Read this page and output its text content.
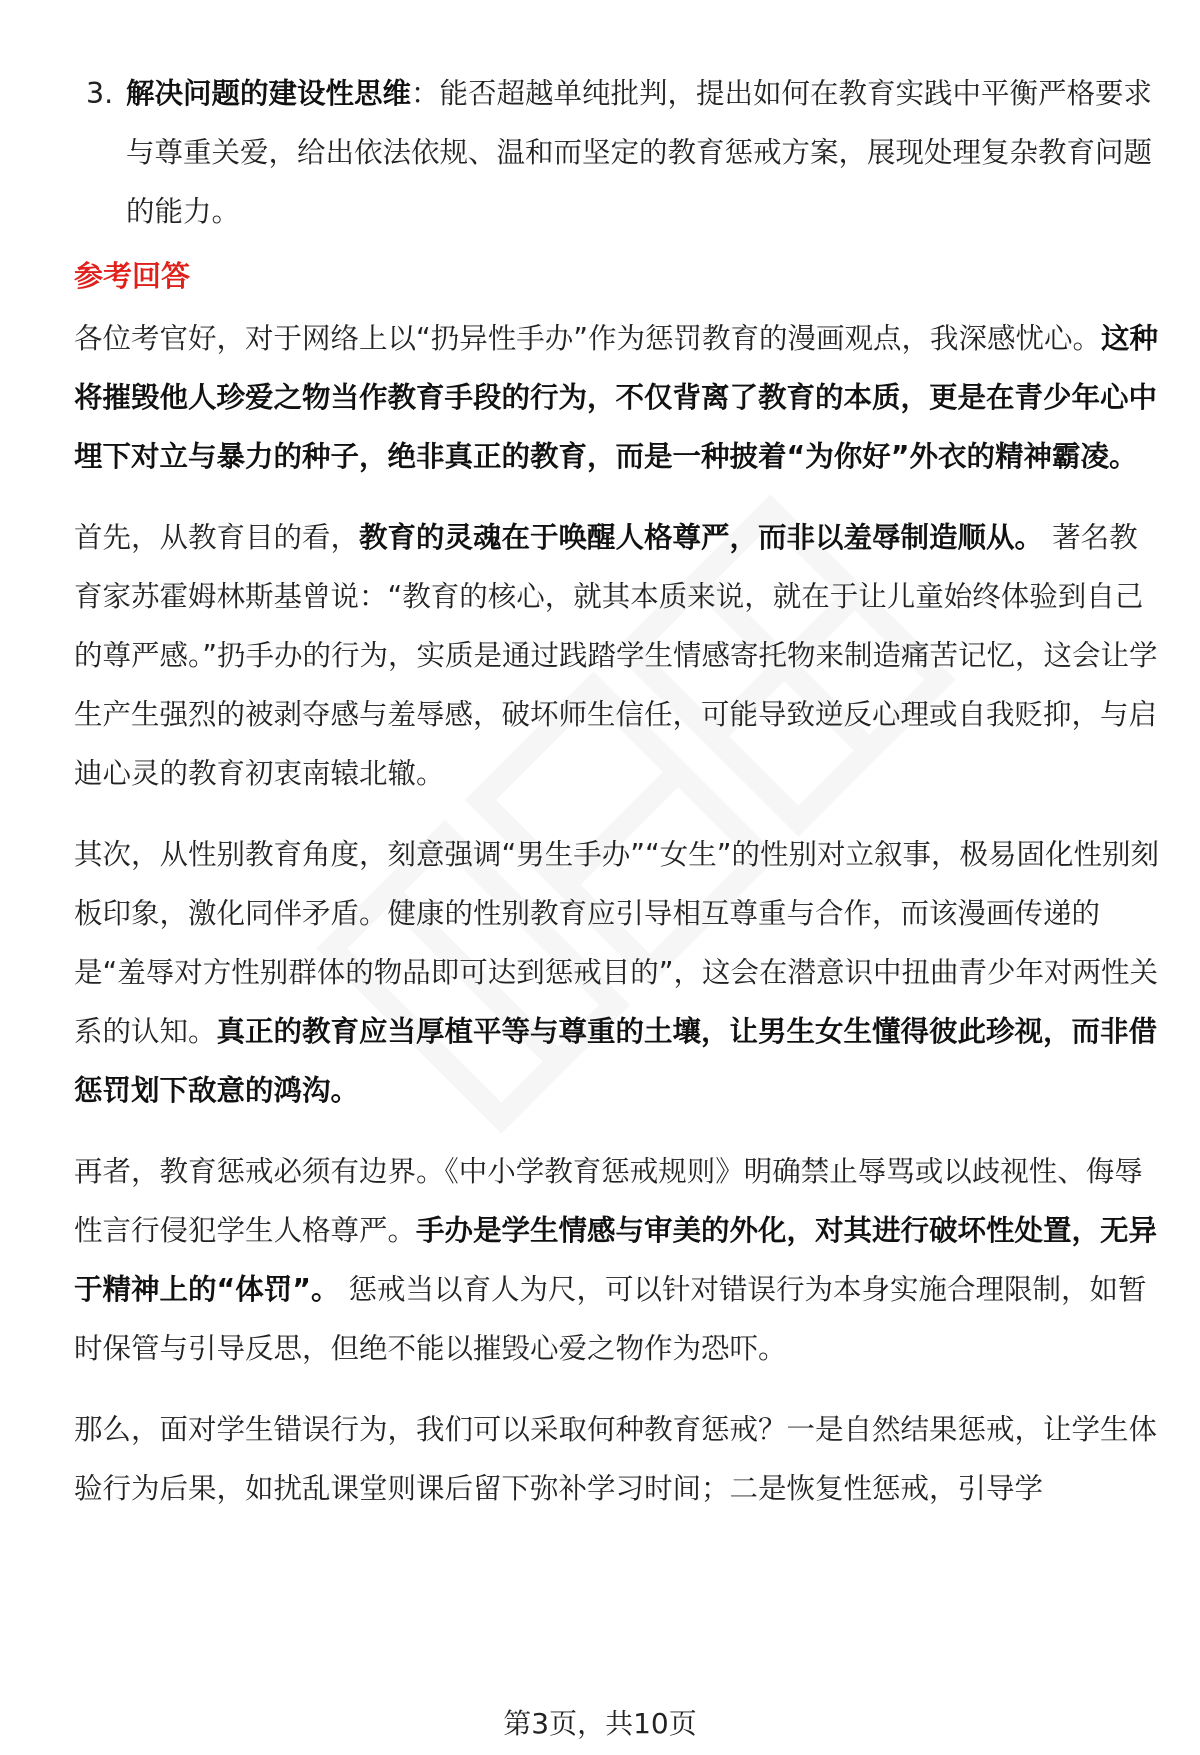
3. 解决问题的建设性思维：能否超越单纯批判，提出如何在教育实践中平衡严格要求与尊重关爱，给出依法依规、温和而坚定的教育惩戒方案，展现处理复杂教育问题的能力。
参考回答

各位考官好，对于网络上以“扔异性手办”作为惩罚教育的漫画观点，我深感忧心。这种将摧毁他人珍爱之物当作教育手段的行为，不仅背离了教育的本质，更是在青少年心中埋下对立与暴力的种子，绝非真正的教育，而是一种披着“为你好”外衣的精神霸凌。

首先，从教育目的看，教育的灵魂在于唤醒人格尊严，而非以羞辱制造顺从。 著名教育家苏霍姆林斯基曾说：“教育的核心，就其本质来说，就在于让儿童始终体验到自己的尊严感。”扔手办的行为，实质是通过践踏学生情感寄托物来制造痛苦记忆，这会让学生产生强烈的被剥夺感与羞辱感，破坏师生信任，可能导致逆反心理或自我贬抑，与启迪心灵的教育初衷南辕北辙。

其次，从性别教育角度，刻意强调“男生手办”“女生”的性别对立叙事，极易固化性别刻板印象，激化同伴矛盾。健康的性别教育应引导相互尊重与合作，而该漫画传递的是“羞辱对方性别群体的物品即可达到惩戒目的”，这会在潜意识中扭曲青少年对两性关系的认知。真正的教育应当厚植平等与尊重的土壤，让男生女生懂得彼此珍视，而非借惩罚划下敌意的鸿沟。

再者，教育惩戒必须有边界。《中小学教育惩戒规则》明确禁止辱骂或以歧视性、侮辱性言行侵犯学生人格尊严。手办是学生情感与审美的外化，对其进行破坏性处置，无异于精神上的“体罚”。 惩戒当以育人为尺，可以针对错误行为本身实施合理限制，如暂时保管与引导反思，但绝不能以摧毁心爱之物作为恐吓。

那么，面对学生错误行为，我们可以采取何种教育惩戒？一是自然结果惩戒，让学生体验行为后果，如扰乱课堂则课后留下弥补学习时间；二是恢复性惩戒，引导学

第3页，共10页
